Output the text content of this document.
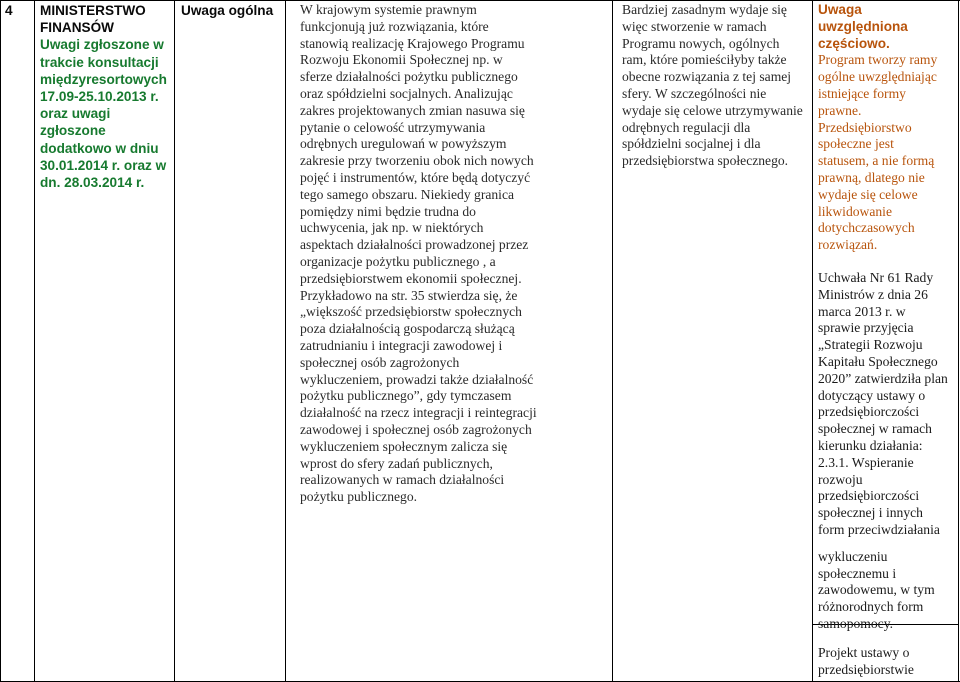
4 MINISTERSTWO

FINANSÓW

Uwagi zgłoszone w

trakcie konsultacji

międzyresortowych

17.09-25.10.2013 r.

oraz uwagi

zgłoszone

dodatkowo w dniu

30.01.2014 r. oraz w

dn. 28.03.2014 r.

Uwaga ogólna	W krajowym systemie prawnym

funkcjonują już rozwiązania, które

stanowią realizację Krajowego Programu

Rozwoju Ekonomii Społecznej np. w

sferze działalności pożytku publicznego

oraz spółdzielni socjalnych. Analizując

zakres projektowanych zmian nasuwa się

pytanie o celowość utrzymywania

odrębnych uregulowań w powyższym

zakresie przy tworzeniu obok nich nowych

pojęć i instrumentów, które będą dotyczyć

tego samego obszaru. Niekiedy granica

pomiędzy nimi będzie trudna do

uchwycenia, jak np. w niektórych

aspektach działalności prowadzonej przez

organizacje pożytku publicznego , a

przedsiębiorstwem ekonomii społecznej.

Przykładowo na str. 35 stwierdza się, że

„większość przedsiębiorstw społecznych

poza działalnością gospodarczą służącą

zatrudnianiu i integracji zawodowej i

społecznej osób zagrożonych

wykluczeniem, prowadzi także działalność

pożytku publicznego”, gdy tymczasem

działalność na rzecz integracji i reintegracji

zawodowej i społecznej osób zagrożonych

wykluczeniem społecznym zalicza się

wprost do sfery zadań publicznych,

realizowanych w ramach działalności

pożytku publicznego.

Bardziej zasadnym wydaje się

więc stworzenie w ramach

Programu nowych, ogólnych

ram, które pomieściłyby także

obecne rozwiązania z tej samej

sfery. W szczególności nie

wydaje się celowe utrzymywanie

odrębnych regulacji dla

spółdzielni socjalnej i dla

przedsiębiorstwa społecznego.

Uwaga

uwzględniona

częściowo.

Program tworzy ramy

ogólne uwzględniając

istniejące formy

prawne.

Przedsiębiorstwo

społeczne jest

statusem, a nie formą

prawną, dlatego nie

wydaje się celowe

likwidowanie

dotychczasowych

rozwiązań.

Uchwała Nr 61 Rady

Ministrów z dnia 26

marca 2013 r. w

sprawie przyjęcia

„Strategii Rozwoju

Kapitału Społecznego

2020” zatwierdziła plan

dotyczący ustawy o

przedsiębiorczości

społecznej w ramach

kierunku działania:

2.3.1. Wspieranie

rozwoju

przedsiębiorczości

społecznej i innych

form przeciwdziałania

wykluczeniu

społecznemu i

zawodowemu, w tym

różnorodnych form

samopomocy.

Projekt ustawy o

przedsiębiorstwie
